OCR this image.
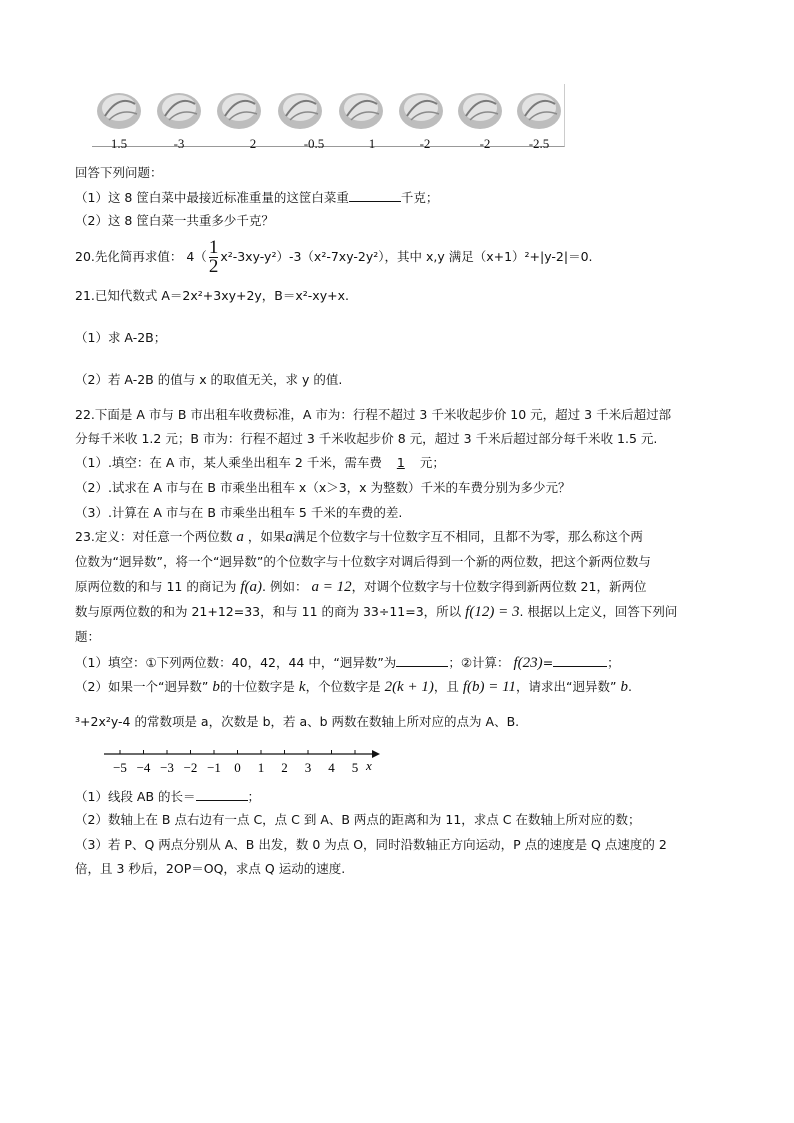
1.5	-3	2	-0.5	1	-2	-2	-2.5
回答下列问题：
（1）这 8 筐白菜中最接近标准重量的这筐白菜重	千克；
（2）这 8 筐白菜一共重多少千克？
20.先化简再求值： $4( \frac{1}{2} x^2-3xy-y^2)-3(x^2-7xy-2y^2)$，其中 x,y 满足（x+1）²+|y-2|＝0.
21.已知代数式 A＝2x²+3xy+2y，B＝x²-xy+x.
（1）求 A-2B；
（2）若 A-2B 的值与 x 的取值无关，求 y 的值.
22.下面是 A 市与 B 市出租车收费标准，A 市为：行程不超过 3 千米收起步价 10 元，超过 3 千米后超过部
分每千米收 1.2 元；B 市为：行程不超过 3 千米收起步价 8 元，超过 3 千米后超过部分每千米收 1.5 元.
（1）.填空：在 A 市，某人乘坐出租车 2 千米，需车费 1 元；
（2）.试求在 A 市与在 B 市乘坐出租车 x（x＞3，x 为整数）千米的车费分别为多少元？
（3）.计算在 A 市与在 B 市乘坐出租车 5 千米的车费的差.
23.定义：对任意一个两位数 a ，如果a满足个位数字与十位数字互不相同，且都不为零，那么称这个两
位数为“迥异数”，将一个“迥异数”的个位数字与十位数字对调后得到一个新的两位数，把这个新两位数与
原两位数的和与 11 的商记为 f(a). 例如： a = 12，对调个位数字与十位数字得到新两位数 21，新两位
数与原两位数的和为 21+12=33，和与 11 的商为 33÷11=3，所以 f(12) = 3. 根据以上定义，回答下列问
题：
（1）填空：①下列两位数：40，42，44 中，“迥异数”为	；②计算： f(23)=	；
（2）如果一个“迥异数” b的十位数字是 k，个位数字是 2(k + 1)，且 f(b) = 11，请求出“迥异数” b.
³+2x²y-4 的常数项是 a，次数是 b，若 a、b 两数在数轴上所对应的点为 A、B.
−5 −4 −3 −2 −1 0 1 2 3 4 5 x
（1）线段 AB 的长＝	；
（2）数轴上在 B 点右边有一点 C，点 C 到 A、B 两点的距离和为 11，求点 C 在数轴上所对应的数；
（3）若 P、Q 两点分别从 A、B 出发，数 0 为点 O，同时沿数轴正方向运动，P 点的速度是 Q 点速度的 2
倍，且 3 秒后，2OP＝OQ，求点 Q 运动的速度.
